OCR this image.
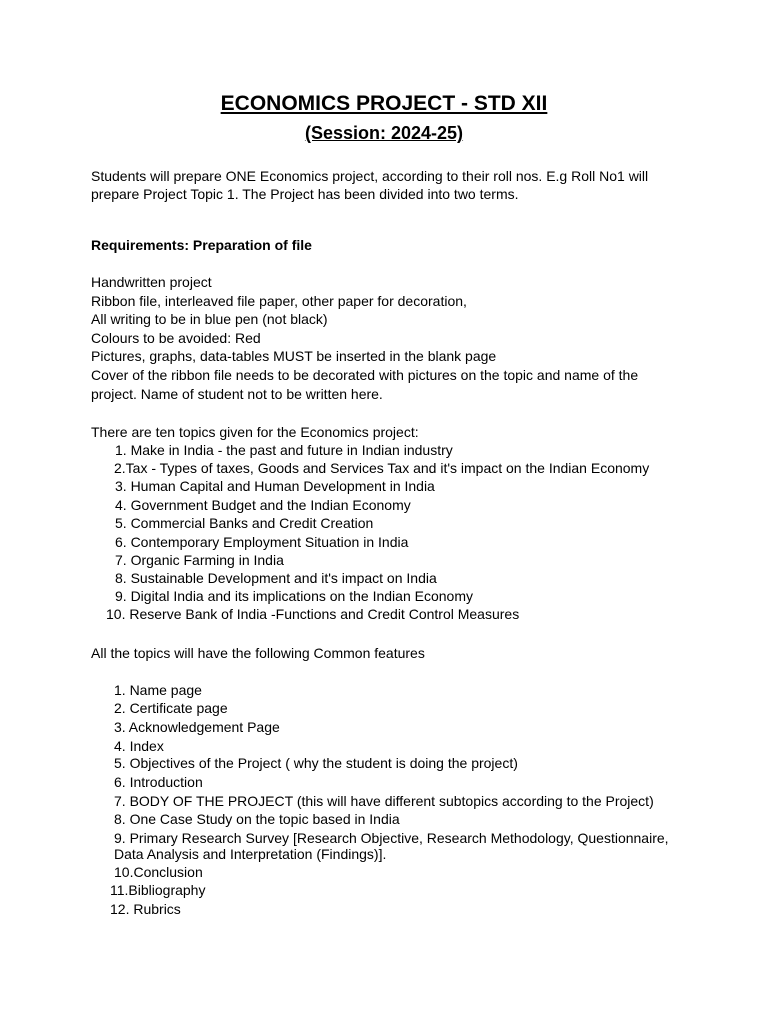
ECONOMICS PROJECT - STD XII
(Session: 2024-25)
Students will prepare ONE Economics project, according to their roll nos. E.g Roll No1 will
prepare Project Topic 1. The Project has been divided into two terms.
Requirements: Preparation of file
Handwritten project
Ribbon file, interleaved file paper, other paper for decoration,
All writing to be in blue pen (not black)
Colours to be avoided: Red
Pictures, graphs, data-tables MUST be inserted in the blank page
Cover of the ribbon file needs to be decorated with pictures on the topic and name of the
project. Name of student not to be written here.
There are ten topics given for the Economics project:
1. Make in India - the past and future in Indian industry
2.Tax - Types of taxes, Goods and Services Tax and it's impact on the Indian Economy
3. Human Capital and Human Development in India
4. Government Budget and the Indian Economy
5. Commercial Banks and Credit Creation
6. Contemporary Employment Situation in India
7. Organic Farming in India
8. Sustainable Development and it's impact on India
9. Digital India and its implications on the Indian Economy
10. Reserve Bank of India -Functions and Credit Control Measures
All the topics will have the following Common features
1. Name page
2. Certificate page
3. Acknowledgement Page
4. Index
5. Objectives of the Project ( why the student is doing the project)
6. Introduction
7. BODY OF THE PROJECT (this will have different subtopics according to the Project)
8. One Case Study on the topic based in India
9. Primary Research Survey [Research Objective, Research Methodology, Questionnaire,
Data Analysis and Interpretation (Findings)].
10.Conclusion
11.Bibliography
12. Rubrics
